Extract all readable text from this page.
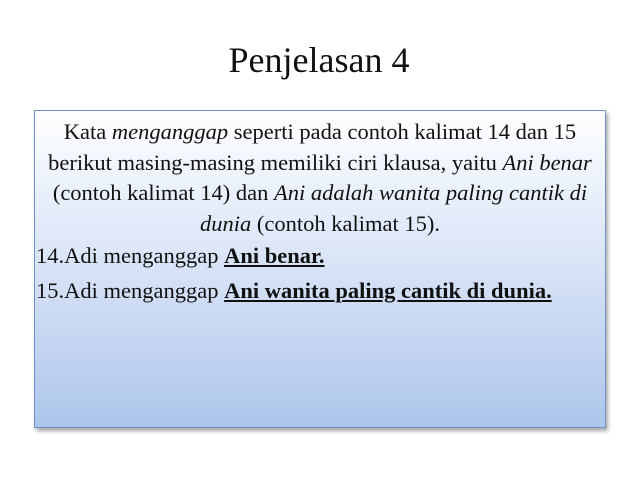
Penjelasan 4

Kata menganggap seperti pada contoh kalimat 14 dan 15 berikut masing-masing memiliki ciri klausa, yaitu Ani benar (contoh kalimat 14) dan Ani adalah wanita paling cantik di dunia (contoh kalimat 15).

14.Adi menganggap Ani benar.

15.Adi menganggap Ani wanita paling cantik di dunia.
